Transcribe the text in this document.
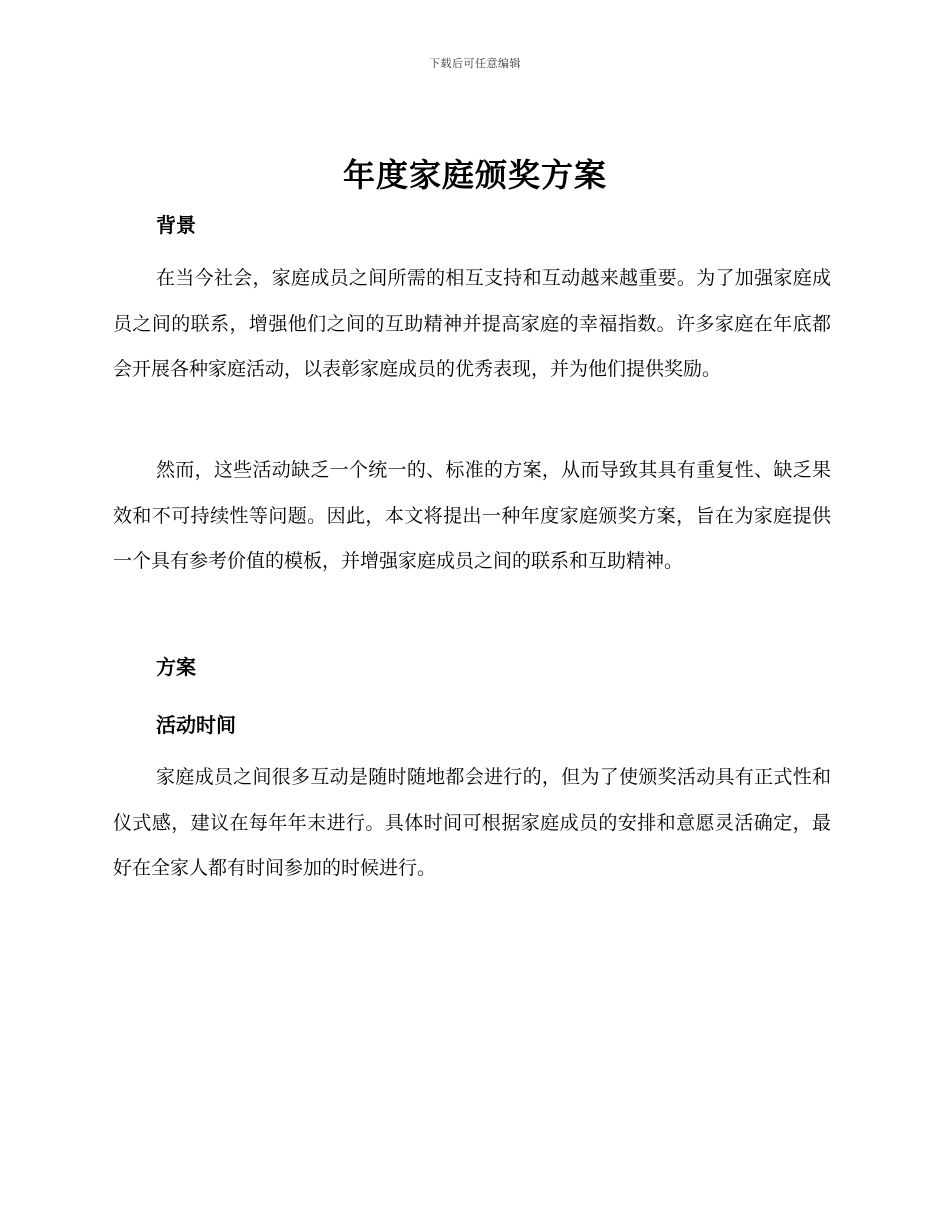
下载后可任意编辑
年度家庭颁奖方案
背景
在当今社会，家庭成员之间所需的相互支持和互动越来越重要。为了加强家庭成员之间的联系，增强他们之间的互助精神并提高家庭的幸福指数。许多家庭在年底都会开展各种家庭活动，以表彰家庭成员的优秀表现，并为他们提供奖励。
然而，这些活动缺乏一个统一的、标准的方案，从而导致其具有重复性、缺乏果效和不可持续性等问题。因此，本文将提出一种年度家庭颁奖方案，旨在为家庭提供一个具有参考价值的模板，并增强家庭成员之间的联系和互助精神。
方案
活动时间
家庭成员之间很多互动是随时随地都会进行的，但为了使颁奖活动具有正式性和仪式感，建议在每年年末进行。具体时间可根据家庭成员的安排和意愿灵活确定，最好在全家人都有时间参加的时候进行。
